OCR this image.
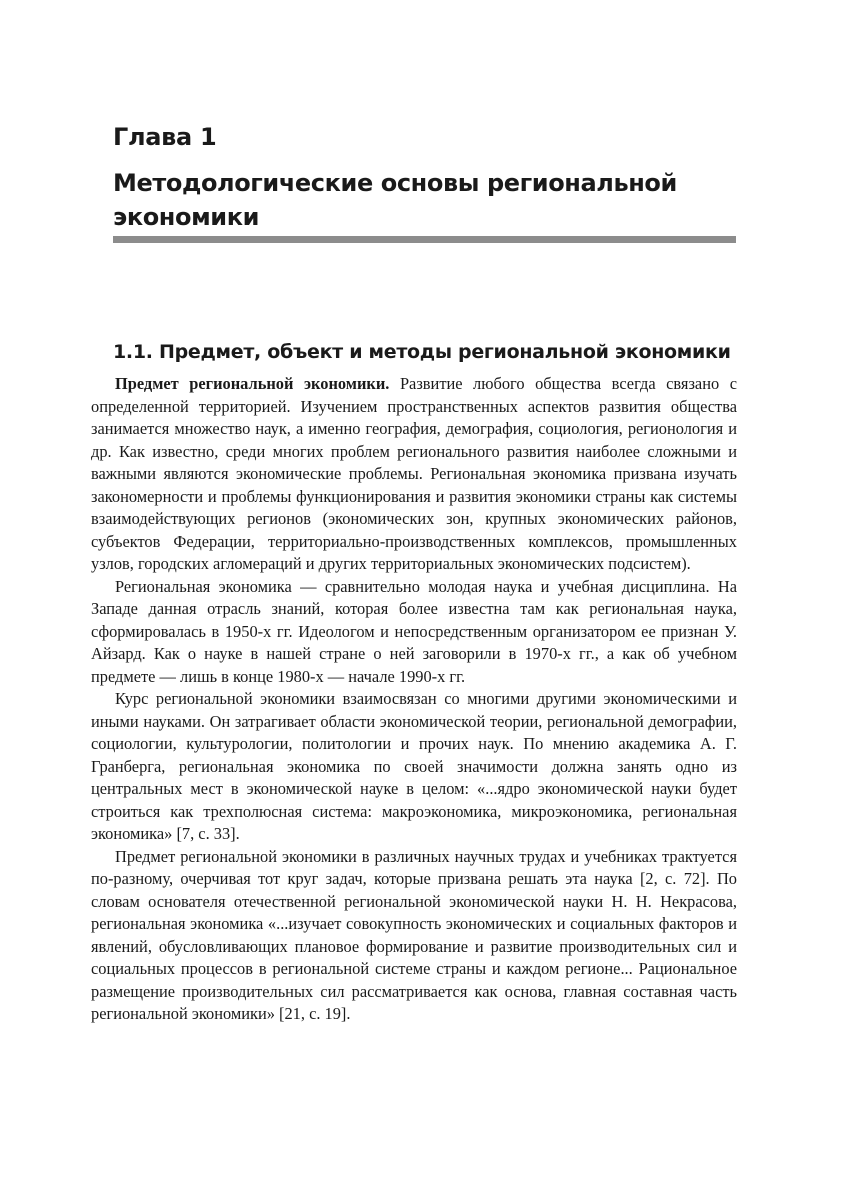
Глава 1
Методологические основы региональной экономики
1.1. Предмет, объект и методы региональной экономики

Предмет региональной экономики. Развитие любого общества всегда связано с определенной территорией. Изучением пространственных аспектов развития общества занимается множество наук, а именно география, демография, социология, регионология и др. Как известно, среди многих проблем регионального развития наиболее сложными и важными являются экономические проблемы. Региональная экономика призвана изучать закономерности и проблемы функционирования и развития экономики страны как системы взаимодействующих регионов (экономических зон, крупных экономических районов, субъектов Федерации, территориально-производственных комплексов, промышленных узлов, городских агломераций и других территориальных экономических подсистем).

Региональная экономика — сравнительно молодая наука и учебная дисциплина. На Западе данная отрасль знаний, которая более известна там как региональная наука, сформировалась в 1950-х гг. Идеологом и непосредственным организатором ее признан У. Айзард. Как о науке в нашей стране о ней заговорили в 1970-х гг., а как об учебном предмете — лишь в конце 1980-х — начале 1990-х гг.

Курс региональной экономики взаимосвязан со многими другими экономическими и иными науками. Он затрагивает области экономической теории, региональной демографии, социологии, культурологии, политологии и прочих наук. По мнению академика А. Г. Гранберга, региональная экономика по своей значимости должна занять одно из центральных мест в экономической науке в целом: «...ядро экономической науки будет строиться как трехполюсная система: макроэкономика, микроэкономика, региональная экономика» [7, с. 33].

Предмет региональной экономики в различных научных трудах и учебниках трактуется по-разному, очерчивая тот круг задач, которые призвана решать эта наука [2, с. 72]. По словам основателя отечественной региональной экономической науки Н. Н. Некрасова, региональная экономика «...изучает совокупность экономических и социальных факторов и явлений, обусловливающих плановое формирование и развитие производительных сил и социальных процессов в региональной системе страны и каждом регионе... Рациональное размещение производительных сил рассматривается как основа, главная составная часть региональной экономики» [21, с. 19].
